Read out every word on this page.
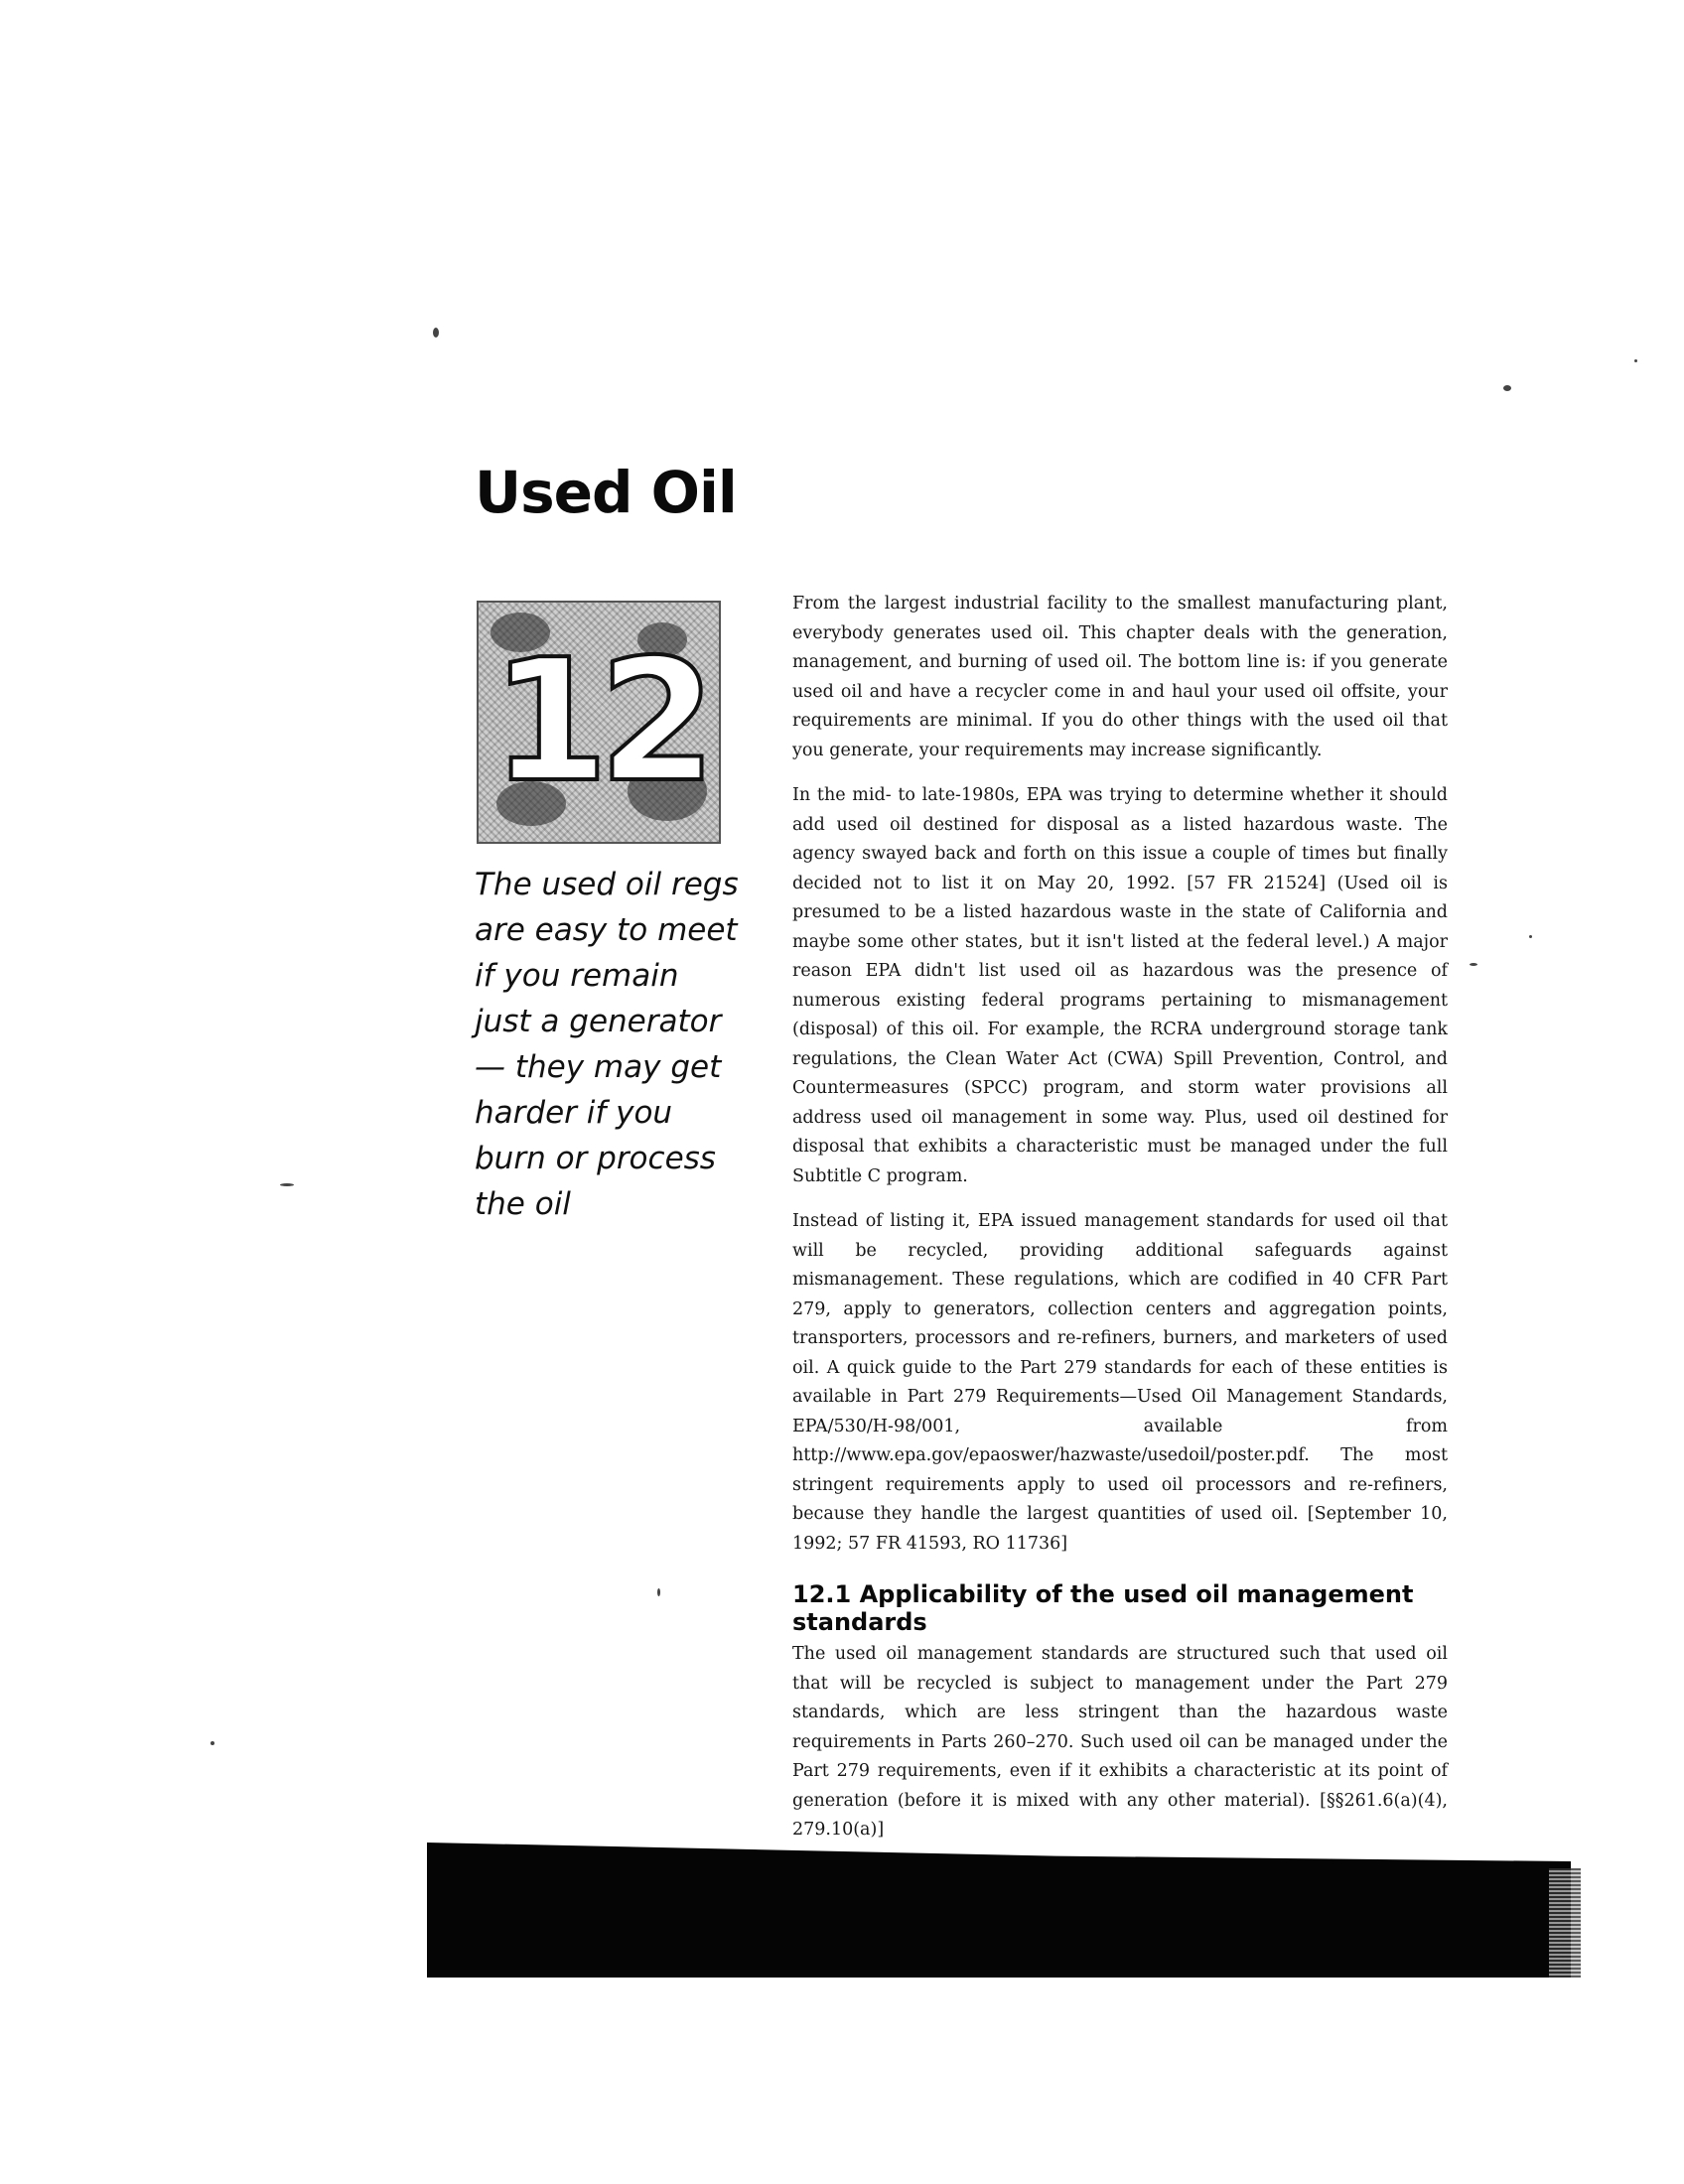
Used Oil
12

The used oil regs are easy to meet if you remain just a generator— they may get harder if you burn or process the oil

From the largest industrial facility to the smallest manufacturing plant, everybody generates used oil. This chapter deals with the generation, management, and burning of used oil. The bottom line is: if you generate used oil and have a recycler come in and haul your used oil offsite, your requirements are minimal. If you do other things with the used oil that you generate, your requirements may increase significantly.

In the mid- to late-1980s, EPA was trying to determine whether it should add used oil destined for disposal as a listed hazardous waste. The agency swayed back and forth on this issue a couple of times but finally decided not to list it on May 20, 1992. [57 FR 21524] (Used oil is presumed to be a listed hazardous waste in the state of California and maybe some other states, but it isn't listed at the federal level.) A major reason EPA didn't list used oil as hazardous was the presence of numerous existing federal programs pertaining to mismanagement (disposal) of this oil. For example, the RCRA underground storage tank regulations, the Clean Water Act (CWA) Spill Prevention, Control, and Countermeasures (SPCC) program, and storm water provisions all address used oil management in some way. Plus, used oil destined for disposal that exhibits a characteristic must be managed under the full Subtitle C program.

Instead of listing it, EPA issued management standards for used oil that will be recycled, providing additional safeguards against mismanagement. These regulations, which are codified in 40 CFR Part 279, apply to generators, collection centers and aggregation points, transporters, processors and re-refiners, burners, and marketers of used oil. A quick guide to the Part 279 standards for each of these entities is available in Part 279 Requirements—Used Oil Management Standards, EPA/530/H-98/001, available from http://www.epa.gov/epaoswer/hazwaste/usedoil/poster.pdf. The most stringent requirements apply to used oil processors and re-refiners, because they handle the largest quantities of used oil. [September 10, 1992; 57 FR 41593, RO 11736]

12.1 Applicability of the used oil management standards

The used oil management standards are structured such that used oil that will be recycled is subject to management under the Part 279 standards, which are less stringent than the hazardous waste requirements in Parts 260–270. Such used oil can be managed under the Part 279 requirements, even if it exhibits a characteristic at its point of generation (before it is mixed with any other material). [§§261.6(a)(4), 279.10(a)]
